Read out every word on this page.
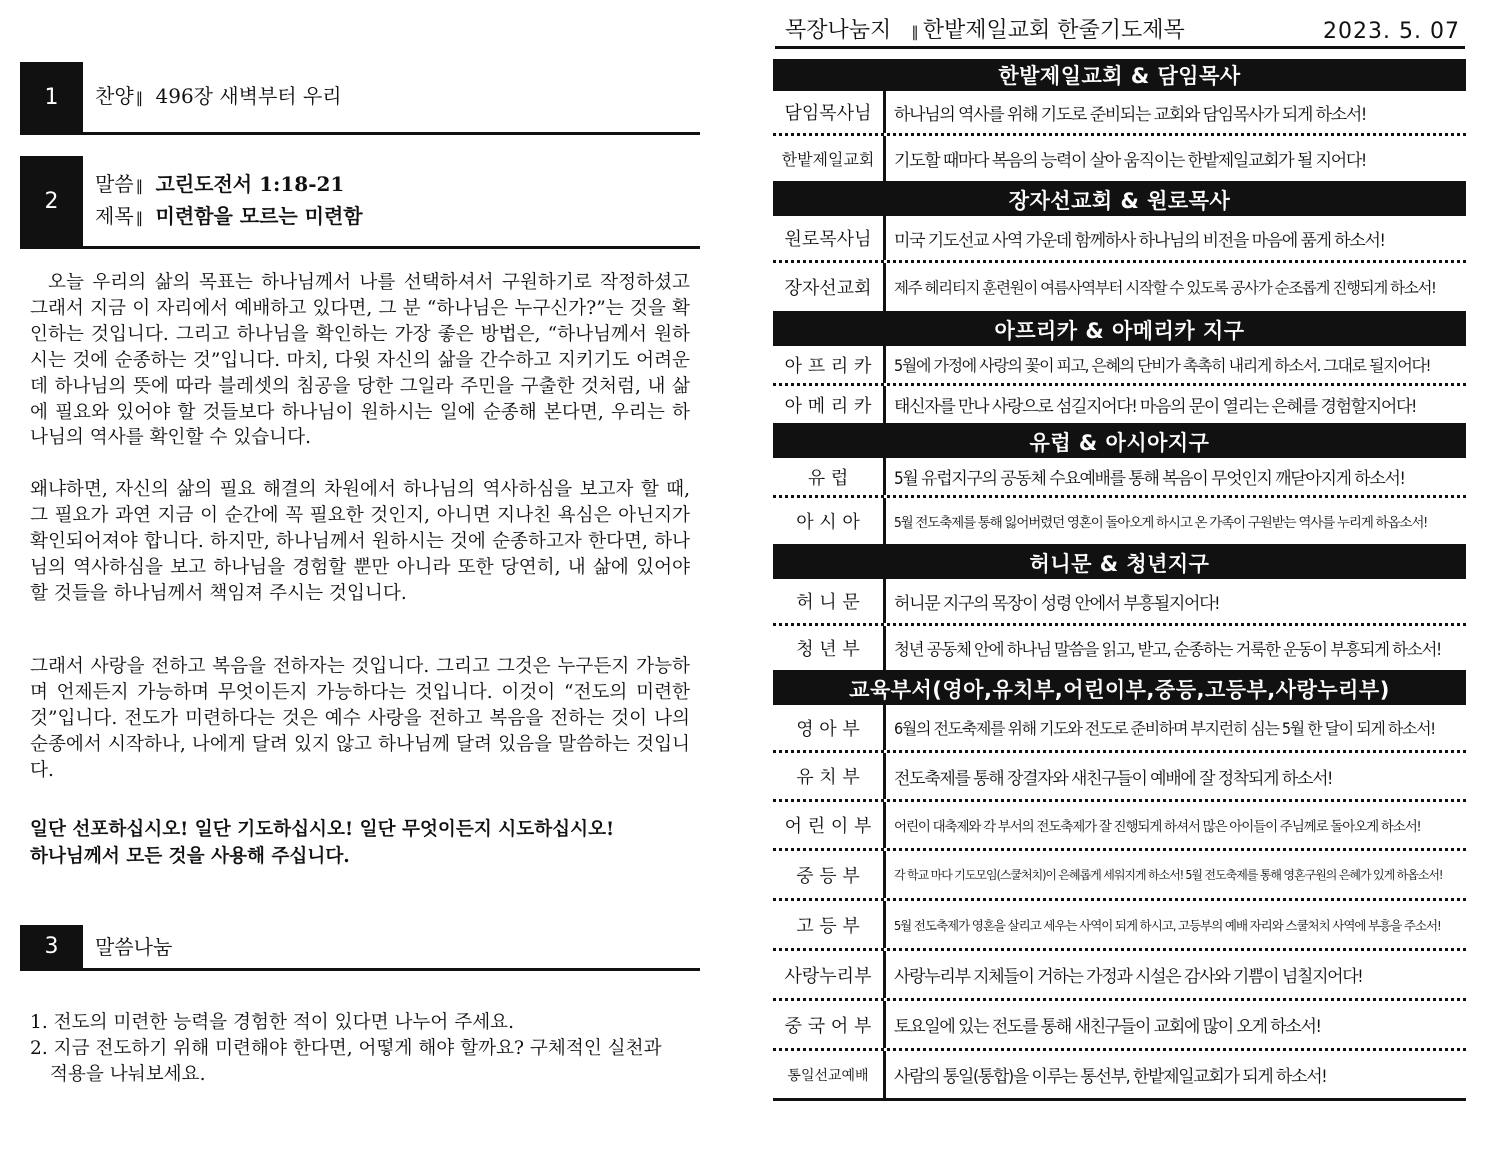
1	찬양 ∥ 496장 새벽부터 우리
2
말씀 ∥ 고린도전서 1:18-21
제목 ∥ 미련함을 모르는 미련함

오늘 우리의 삶의 목표는 하나님께서 나를 선택하셔서 구원하기로 작정하셨고 그래서 지금 이 자리에서 예배하고 있다면, 그 분 “하나님은 누구신가?”는 것을 확인하는 것입니다. 그리고 하나님을 확인하는 가장 좋은 방법은, “하나님께서 원하시는 것에 순종하는 것”입니다. 마치, 다윗 자신의 삶을 간수하고 지키기도 어려운데 하나님의 뜻에 따라 블레셋의 침공을 당한 그일라 주민을 구출한 것처럼, 내 삶에 필요와 있어야 할 것들보다 하나님이 원하시는 일에 순종해 본다면, 우리는 하나님의 역사를 확인할 수 있습니다.

왜냐하면, 자신의 삶의 필요 해결의 차원에서 하나님의 역사하심을 보고자 할 때, 그 필요가 과연 지금 이 순간에 꼭 필요한 것인지, 아니면 지나친 욕심은 아닌지가 확인되어져야 합니다. 하지만, 하나님께서 원하시는 것에 순종하고자 한다면, 하나님의 역사하심을 보고 하나님을 경험할 뿐만 아니라 또한 당연히, 내 삶에 있어야 할 것들을 하나님께서 책임져 주시는 것입니다.

그래서 사랑을 전하고 복음을 전하자는 것입니다. 그리고 그것은 누구든지 가능하며 언제든지 가능하며 무엇이든지 가능하다는 것입니다. 이것이 “전도의 미련한 것”입니다. 전도가 미련하다는 것은 예수 사랑을 전하고 복음을 전하는 것이 나의 순종에서 시작하나, 나에게 달려 있지 않고 하나님께 달려 있음을 말씀하는 것입니다.

일단 선포하십시오! 일단 기도하십시오! 일단 무엇이든지 시도하십시오!
하나님께서 모든 것을 사용해 주십니다.
3	말씀나눔
1. 전도의 미련한 능력을 경험한 적이 있다면 나누어 주세요.
2. 지금 전도하기 위해 미련해야 한다면, 어떻게 해야 할까요? 구체적인 실천과 적용을 나눠보세요.
목장나눔지 ∥ 한밭제일교회 한줄기도제목	2023. 5. 07
한밭제일교회 & 담임목사
담임목사님	하나님의 역사를 위해 기도로 준비되는 교회와 담임목사가 되게 하소서!
한밭제일교회	기도할 때마다 복음의 능력이 살아 움직이는 한밭제일교회가 될 지어다!
장자선교회 & 원로목사
원로목사님	미국 기도선교 사역 가운데 함께하사 하나님의 비전을 마음에 품게 하소서!
장자선교회	제주 헤리티지 훈련원이 여름사역부터 시작할 수 있도록 공사가 순조롭게 진행되게 하소서!
아프리카 & 아메리카 지구
아 프 리 카	5월에 가정에 사랑의 꽃이 피고, 은혜의 단비가 촉촉히 내리게 하소서. 그대로 될지어다!
아 메 리 카	태신자를 만나 사랑으로 섬길지어다! 마음의 문이 열리는 은혜를 경험할지어다!
유럽 & 아시아지구
유 럽	5월 유럽지구의 공동체 수요예배를 통해 복음이 무엇인지 깨닫아지게 하소서!
아 시 아	5월 전도축제를 통해 잃어버렸던 영혼이 돌아오게 하시고 온 가족이 구원받는 역사를 누리게 하옵소서!
허니문 & 청년지구
허 니 문	허니문 지구의 목장이 성령 안에서 부흥될지어다!
청 년 부	청년 공동체 안에 하나님 말씀을 읽고, 받고, 순종하는 거룩한 운동이 부흥되게 하소서!
교육부서(영아,유치부,어린이부,중등,고등부,사랑누리부)
영 아 부	6월의 전도축제를 위해 기도와 전도로 준비하며 부지런히 심는 5월 한 달이 되게 하소서!
유 치 부	전도축제를 통해 장결자와 새친구들이 예배에 잘 정착되게 하소서!
어 린 이 부	어린이 대축제와 각 부서의 전도축제가 잘 진행되게 하셔서 많은 아이들이 주님께로 돌아오게 하소서!
중 등 부	각 학교 마다 기도모임(스쿨처치)이 은혜롭게 세워지게 하소서! 5월 전도축제를 통해 영혼구원의 은혜가 있게 하옵소서!
고 등 부	5월 전도축제가 영혼을 살리고 세우는 사역이 되게 하시고, 고등부의 예배 자리와 스쿨처치 사역에 부흥을 주소서!
사랑누리부	사랑누리부 지체들이 거하는 가정과 시설은 감사와 기쁨이 넘칠지어다!
중 국 어 부	토요일에 있는 전도를 통해 새친구들이 교회에 많이 오게 하소서!
통일선교예배	사람의 통일(통합)을 이루는 통선부, 한밭제일교회가 되게 하소서!
